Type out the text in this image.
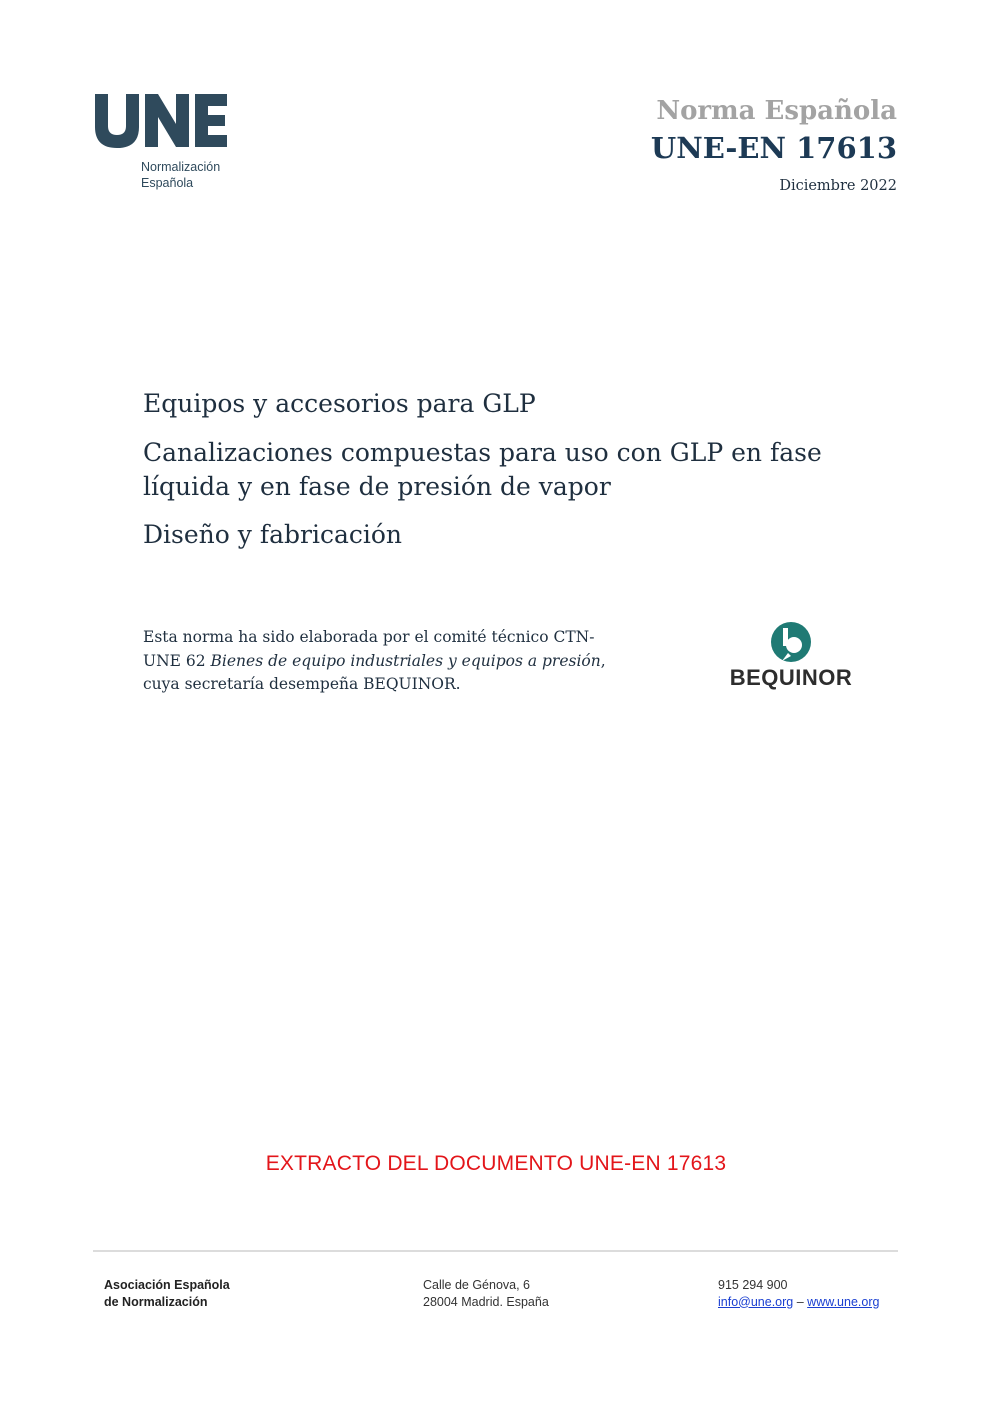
Normalización
Española
Norma Española
UNE-EN 17613
Diciembre 2022
Equipos y accesorios para GLP
Canalizaciones compuestas para uso con GLP en fase líquida y en fase de presión de vapor
Diseño y fabricación
Esta norma ha sido elaborada por el comité técnico CTN-UNE 62 Bienes de equipo industriales y equipos a presión, cuya secretaría desempeña BEQUINOR.	BEQUINOR
EXTRACTO DEL DOCUMENTO UNE-EN 17613
Asociación Española
de Normalización
Calle de Génova, 6
28004 Madrid. España
915 294 900
info@une.org – www.une.org
